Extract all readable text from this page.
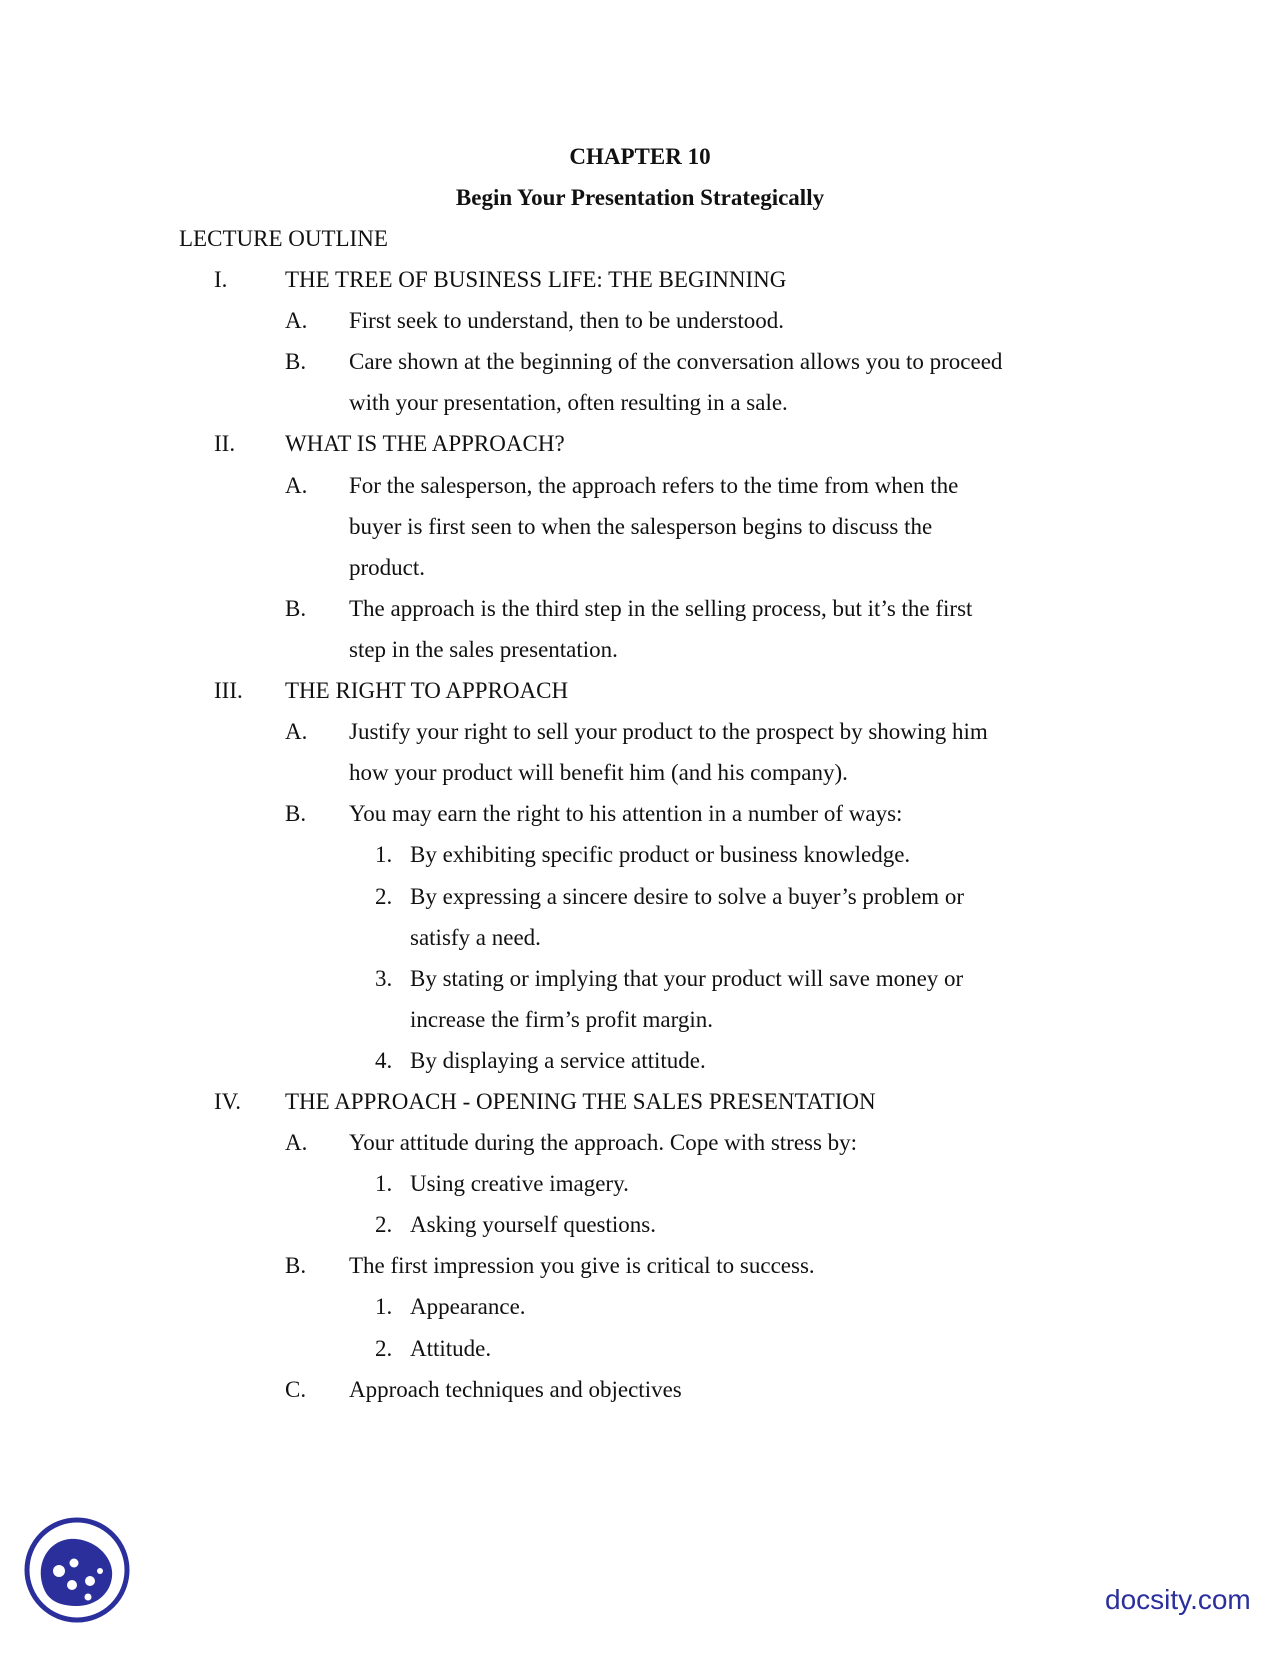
CHAPTER 10
Begin Your Presentation Strategically
LECTURE OUTLINE
I.	THE TREE OF BUSINESS LIFE: THE BEGINNING
A. First seek to understand, then to be understood.
B. Care shown at the beginning of the conversation allows you to proceed
with your presentation, often resulting in a sale.
II. WHAT IS THE APPROACH?
A. For the salesperson, the approach refers to the time from when the
buyer is first seen to when the salesperson begins to discuss the
product.
B. The approach is the third step in the selling process, but it’s the first
step in the sales presentation.
III. THE RIGHT TO APPROACH
A. Justify your right to sell your product to the prospect by showing him
how your product will benefit him (and his company).
B. You may earn the right to his attention in a number of ways:
1. By exhibiting specific product or business knowledge.
2. By expressing a sincere desire to solve a buyer’s problem or
satisfy a need.
3. By stating or implying that your product will save money or
increase the firm’s profit margin.
4. By displaying a service attitude.
IV. THE APPROACH - OPENING THE SALES PRESENTATION
A. Your attitude during the approach. Cope with stress by:
1. Using creative imagery.
2. Asking yourself questions.
B. The first impression you give is critical to success.
1. Appearance.
2. Attitude.
C. Approach techniques and objectives
docsity.com
